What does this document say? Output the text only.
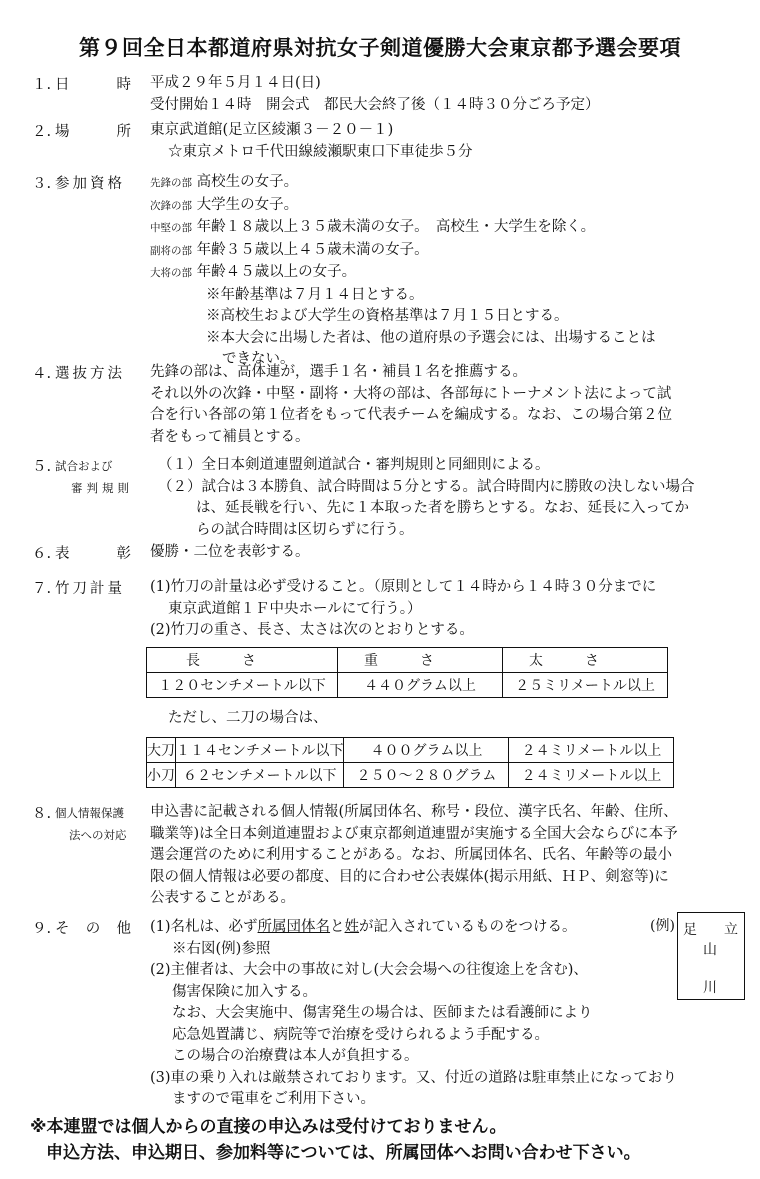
第９回全日本都道府県対抗女子剣道優勝大会東京都予選会要項
１. 日	時 平成２９年５月１４日(日)
受付開始１４時　開会式　都民大会終了後（１４時３０分ごろ予定）
２. 場	所 東京武道館(足立区綾瀬３－２０－１)
☆東京メトロ千代田線綾瀬駅東口下車徒歩５分
３. 参加資格 先鋒の部 高校生の女子。
次鋒の部 大学生の女子。
中堅の部 年齢１８歳以上３５歳未満の女子。　高校生・大学生を除く。
副将の部 年齢３５歳以上４５歳未満の女子。
大将の部 年齢４５歳以上の女子。
※年齢基準は７月１４日とする。
※高校生および大学生の資格基準は７月１５日とする。
※本大会に出場した者は、他の道府県の予選会には、出場することは
できない。
４. 選抜方法 先鋒の部は、高体連が，選手１名・補員１名を推薦する。
それ以外の次鋒・中堅・副将・大将の部は、各部毎にトーナメント法によって試
合を行い各部の第１位者をもって代表チームを編成する。なお、この場合第２位
者をもって補員とする。
５. 試合および
審判規則
（１）全日本剣道連盟剣道試合・審判規則と同細則による。
（２）試合は３本勝負、試合時間は５分とする。試合時間内に勝敗の決しない場合
は、延長戦を行い、先に１本取った者を勝ちとする。なお、延長に入ってか
らの試合時間は区切らずに行う。
６. 表	彰 優勝・二位を表彰する。
７. 竹刀計量 (1)竹刀の計量は必ず受けること。（原則として１４時から１４時３０分までに
東京武道館１Ｆ中央ホールにて行う。）
(2)竹刀の重さ、長さ、太さは次のとおりとする。
長さ	重さ	太さ
１２０センチメートル以下	４４０グラム以上	２５ミリメートル以上
ただし、二刀の場合は、
大刀	１１４センチメートル以下	４００グラム以上	２４ミリメートル以上
小刀	６２センチメートル以下	２５０～２８０グラム	２４ミリメートル以上
８. 個人情報保護
法への対応
申込書に記載される個人情報(所属団体名、称号・段位、漢字氏名、年齢、住所、
職業等)は全日本剣道連盟および東京都剣道連盟が実施する全国大会ならびに本予
選会運営のために利用することがある。なお、所属団体名、氏名、年齢等の最小
限の個人情報は必要の都度、目的に合わせ公表媒体(掲示用紙、ＨＰ、剣窓等)に
公表することがある。
９. そ の 他 (1)名札は、必ず所属団体名と姓が記入されているものをつける。
※右図(例)参照
(2)主催者は、大会中の事故に対し(大会会場への往復途上を含む)、
傷害保険に加入する。
なお、大会実施中、傷害発生の場合は、医師または看護師により
応急処置講じ、病院等で治療を受けられるよう手配する。
この場合の治療費は本人が負担する。
(3)車の乗り入れは厳禁されております。又、付近の道路は駐車禁止になっており
ますので電車をご利用下さい。
(例) 足 立
山
川
※本連盟では個人からの直接の申込みは受付けておりません。
申込方法、申込期日、参加料等については、所属団体へお問い合わせ下さい。
